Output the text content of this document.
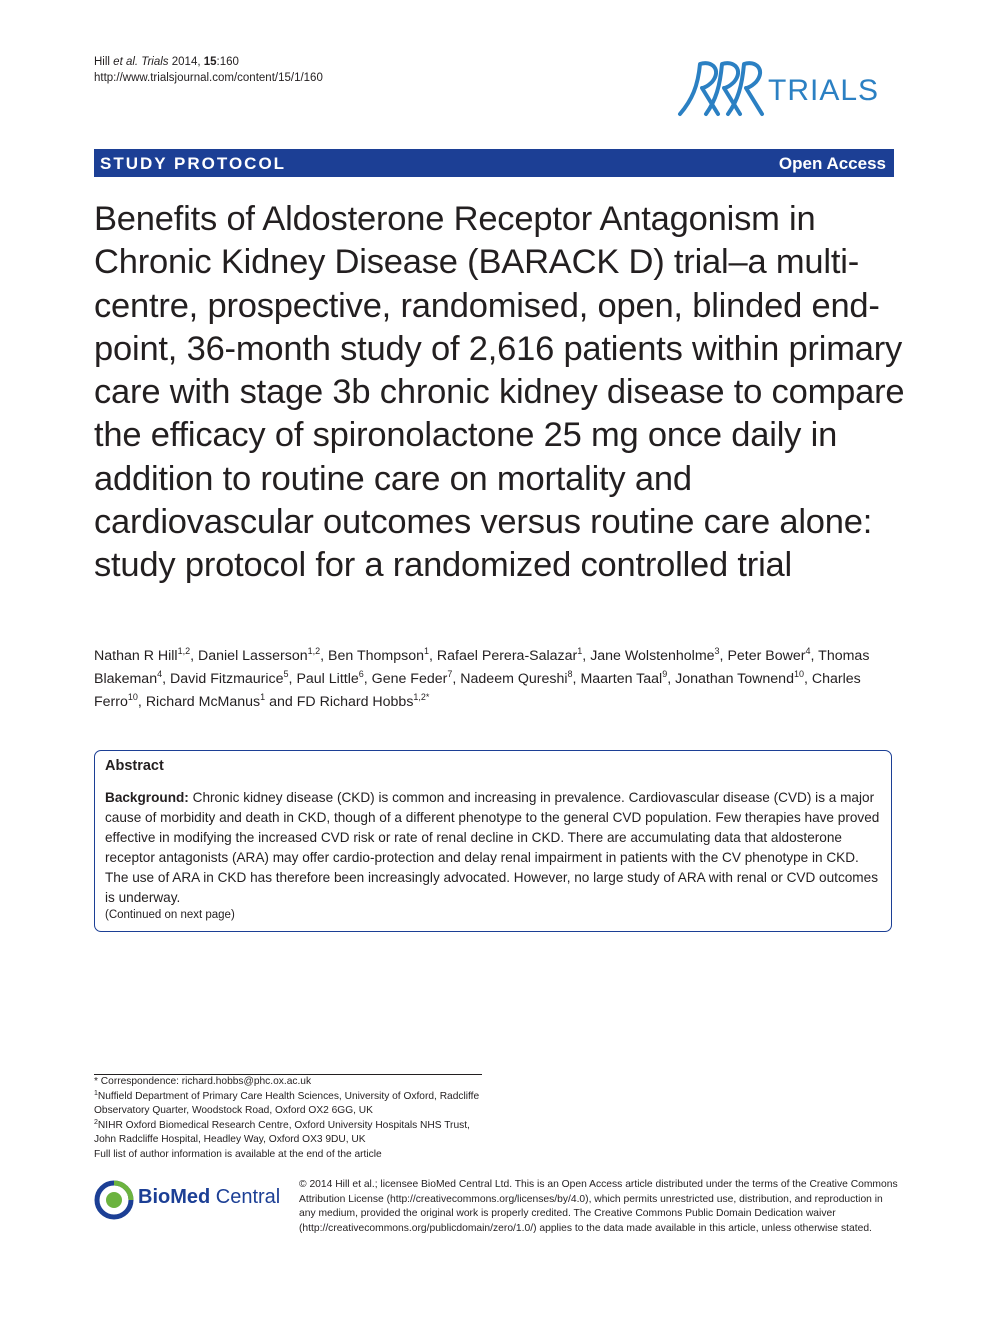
Hill et al. Trials 2014, 15:160
http://www.trialsjournal.com/content/15/1/160	TRIALS
STUDY PROTOCOL	Open Access
Benefits of Aldosterone Receptor Antagonism in Chronic Kidney Disease (BARACK D) trial–a multi-centre, prospective, randomised, open, blinded end-point, 36-month study of 2,616 patients within primary care with stage 3b chronic kidney disease to compare the efficacy of spironolactone 25 mg once daily in addition to routine care on mortality and cardiovascular outcomes versus routine care alone: study protocol for a randomized controlled trial
Nathan R Hill$^{1,2}$, Daniel Lasserson$^{1,2}$, Ben Thompson$^1$, Rafael Perera-Salazar$^1$, Jane Wolstenholme$^3$, Peter Bower$^4$, Thomas Blakeman$^4$, David Fitzmaurice$^5$, Paul Little$^6$, Gene Feder$^7$, Nadeem Qureshi$^8$, Maarten Taal$^9$, Jonathan Townend$^{10}$, Charles Ferro$^{10}$, Richard McManus$^1$ and FD Richard Hobbs$^{1,2*}$
Abstract
Background: Chronic kidney disease (CKD) is common and increasing in prevalence. Cardiovascular disease (CVD) is a major cause of morbidity and death in CKD, though of a different phenotype to the general CVD population. Few therapies have proved effective in modifying the increased CVD risk or rate of renal decline in CKD. There are accumulating data that aldosterone receptor antagonists (ARA) may offer cardio-protection and delay renal impairment in patients with the CV phenotype in CKD. The use of ARA in CKD has therefore been increasingly advocated. However, no large study of ARA with renal or CVD outcomes is underway.
(Continued on next page)
* Correspondence: richard.hobbs@phc.ox.ac.uk
$^1$Nuffield Department of Primary Care Health Sciences, University of Oxford, Radcliffe Observatory Quarter, Woodstock Road, Oxford OX2 6GG, UK
$^2$NIHR Oxford Biomedical Research Centre, Oxford University Hospitals NHS Trust, John Radcliffe Hospital, Headley Way, Oxford OX3 9DU, UK
Full list of author information is available at the end of the article
BioMed Central
© 2014 Hill et al.; licensee BioMed Central Ltd. This is an Open Access article distributed under the terms of the Creative Commons Attribution License (http://creativecommons.org/licenses/by/4.0), which permits unrestricted use, distribution, and reproduction in any medium, provided the original work is properly credited. The Creative Commons Public Domain Dedication waiver (http://creativecommons.org/publicdomain/zero/1.0/) applies to the data made available in this article, unless otherwise stated.
